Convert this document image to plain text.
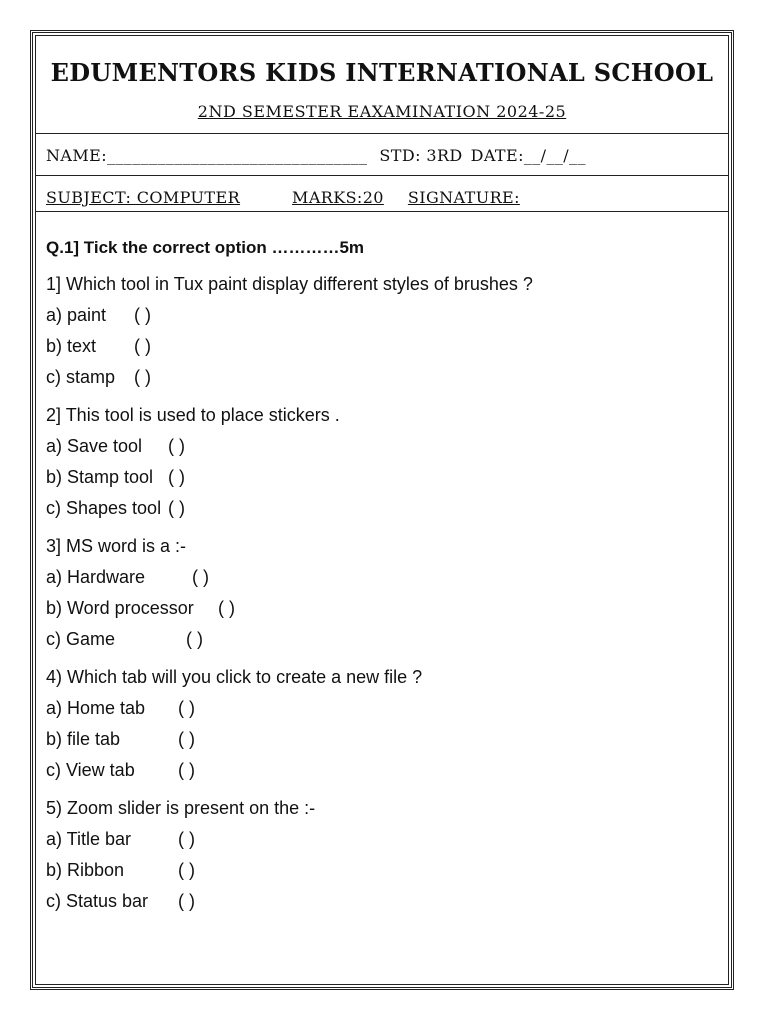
EDUMENTORS KIDS INTERNATIONAL SCHOOL
2ND SEMESTER EAXAMINATION 2024-25
NAME:_______________________________ STD: 3RD DATE:__/__/__
SUBJECT: COMPUTER	MARKS:20 SIGNATURE:
Q.1] Tick the correct option …………5m
1] Which tool in Tux paint display different styles of brushes ?
a) paint	( )
b) text	( )
c) stamp	( )
2] This tool is used to place stickers .
a) Save tool	( )
b) Stamp tool ( )
c) Shapes tool ( )
3] MS word is a :-
a) Hardware	( )
b) Word processor	( )
c) Game	( )
4) Which tab will you click to create a new file ?
a) Home tab	( )
b) file tab	( )
c) View tab	( )
5) Zoom slider is present on the :-
a) Title bar	( )
b) Ribbon	( )
c) Status bar	( )
